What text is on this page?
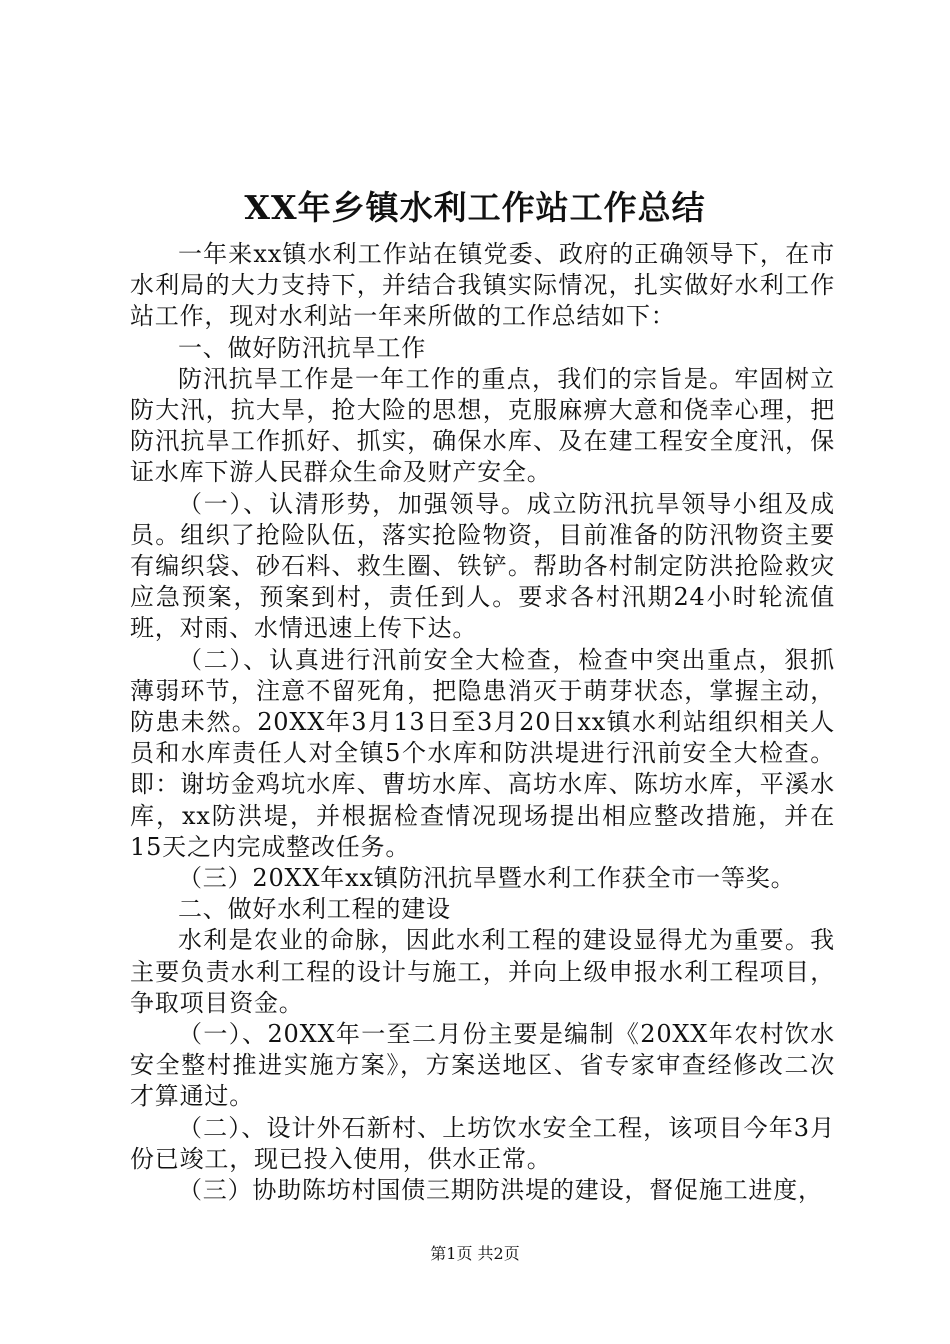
XX年乡镇水利工作站工作总结

一年来xx镇水利工作站在镇党委、政府的正确领导下，在市水利局的大力支持下，并结合我镇实际情况，扎实做好水利工作站工作，现对水利站一年来所做的工作总结如下：

一、做好防汛抗旱工作

防汛抗旱工作是一年工作的重点，我们的宗旨是。牢固树立防大汛，抗大旱，抢大险的思想，克服麻痹大意和侥幸心理，把防汛抗旱工作抓好、抓实，确保水库、及在建工程安全度汛，保证水库下游人民群众生命及财产安全。

（一）、认清形势，加强领导。成立防汛抗旱领导小组及成员。组织了抢险队伍，落实抢险物资，目前准备的防汛物资主要有编织袋、砂石料、救生圈、铁铲。帮助各村制定防洪抢险救灾应急预案，预案到村，责任到人。要求各村汛期24小时轮流值班，对雨、水情迅速上传下达。

（二）、认真进行汛前安全大检查，检查中突出重点，狠抓薄弱环节，注意不留死角，把隐患消灭于萌芽状态，掌握主动，防患未然。20XX年3月13日至3月20日xx镇水利站组织相关人员和水库责任人对全镇5个水库和防洪堤进行汛前安全大检查。即：谢坊金鸡坑水库、曹坊水库、高坊水库、陈坊水库，平溪水库，xx防洪堤，并根据检查情况现场提出相应整改措施，并在15天之内完成整改任务。

（三）20XX年xx镇防汛抗旱暨水利工作获全市一等奖。

二、做好水利工程的建设

水利是农业的命脉，因此水利工程的建设显得尤为重要。我主要负责水利工程的设计与施工，并向上级申报水利工程项目，争取项目资金。

（一）、20XX年一至二月份主要是编制《20XX年农村饮水安全整村推进实施方案》，方案送地区、省专家审查经修改二次才算通过。

（二）、设计外石新村、上坊饮水安全工程，该项目今年3月份已竣工，现已投入使用，供水正常。

（三）协助陈坊村国债三期防洪堤的建设，督促施工进度，

第1页 共2页
